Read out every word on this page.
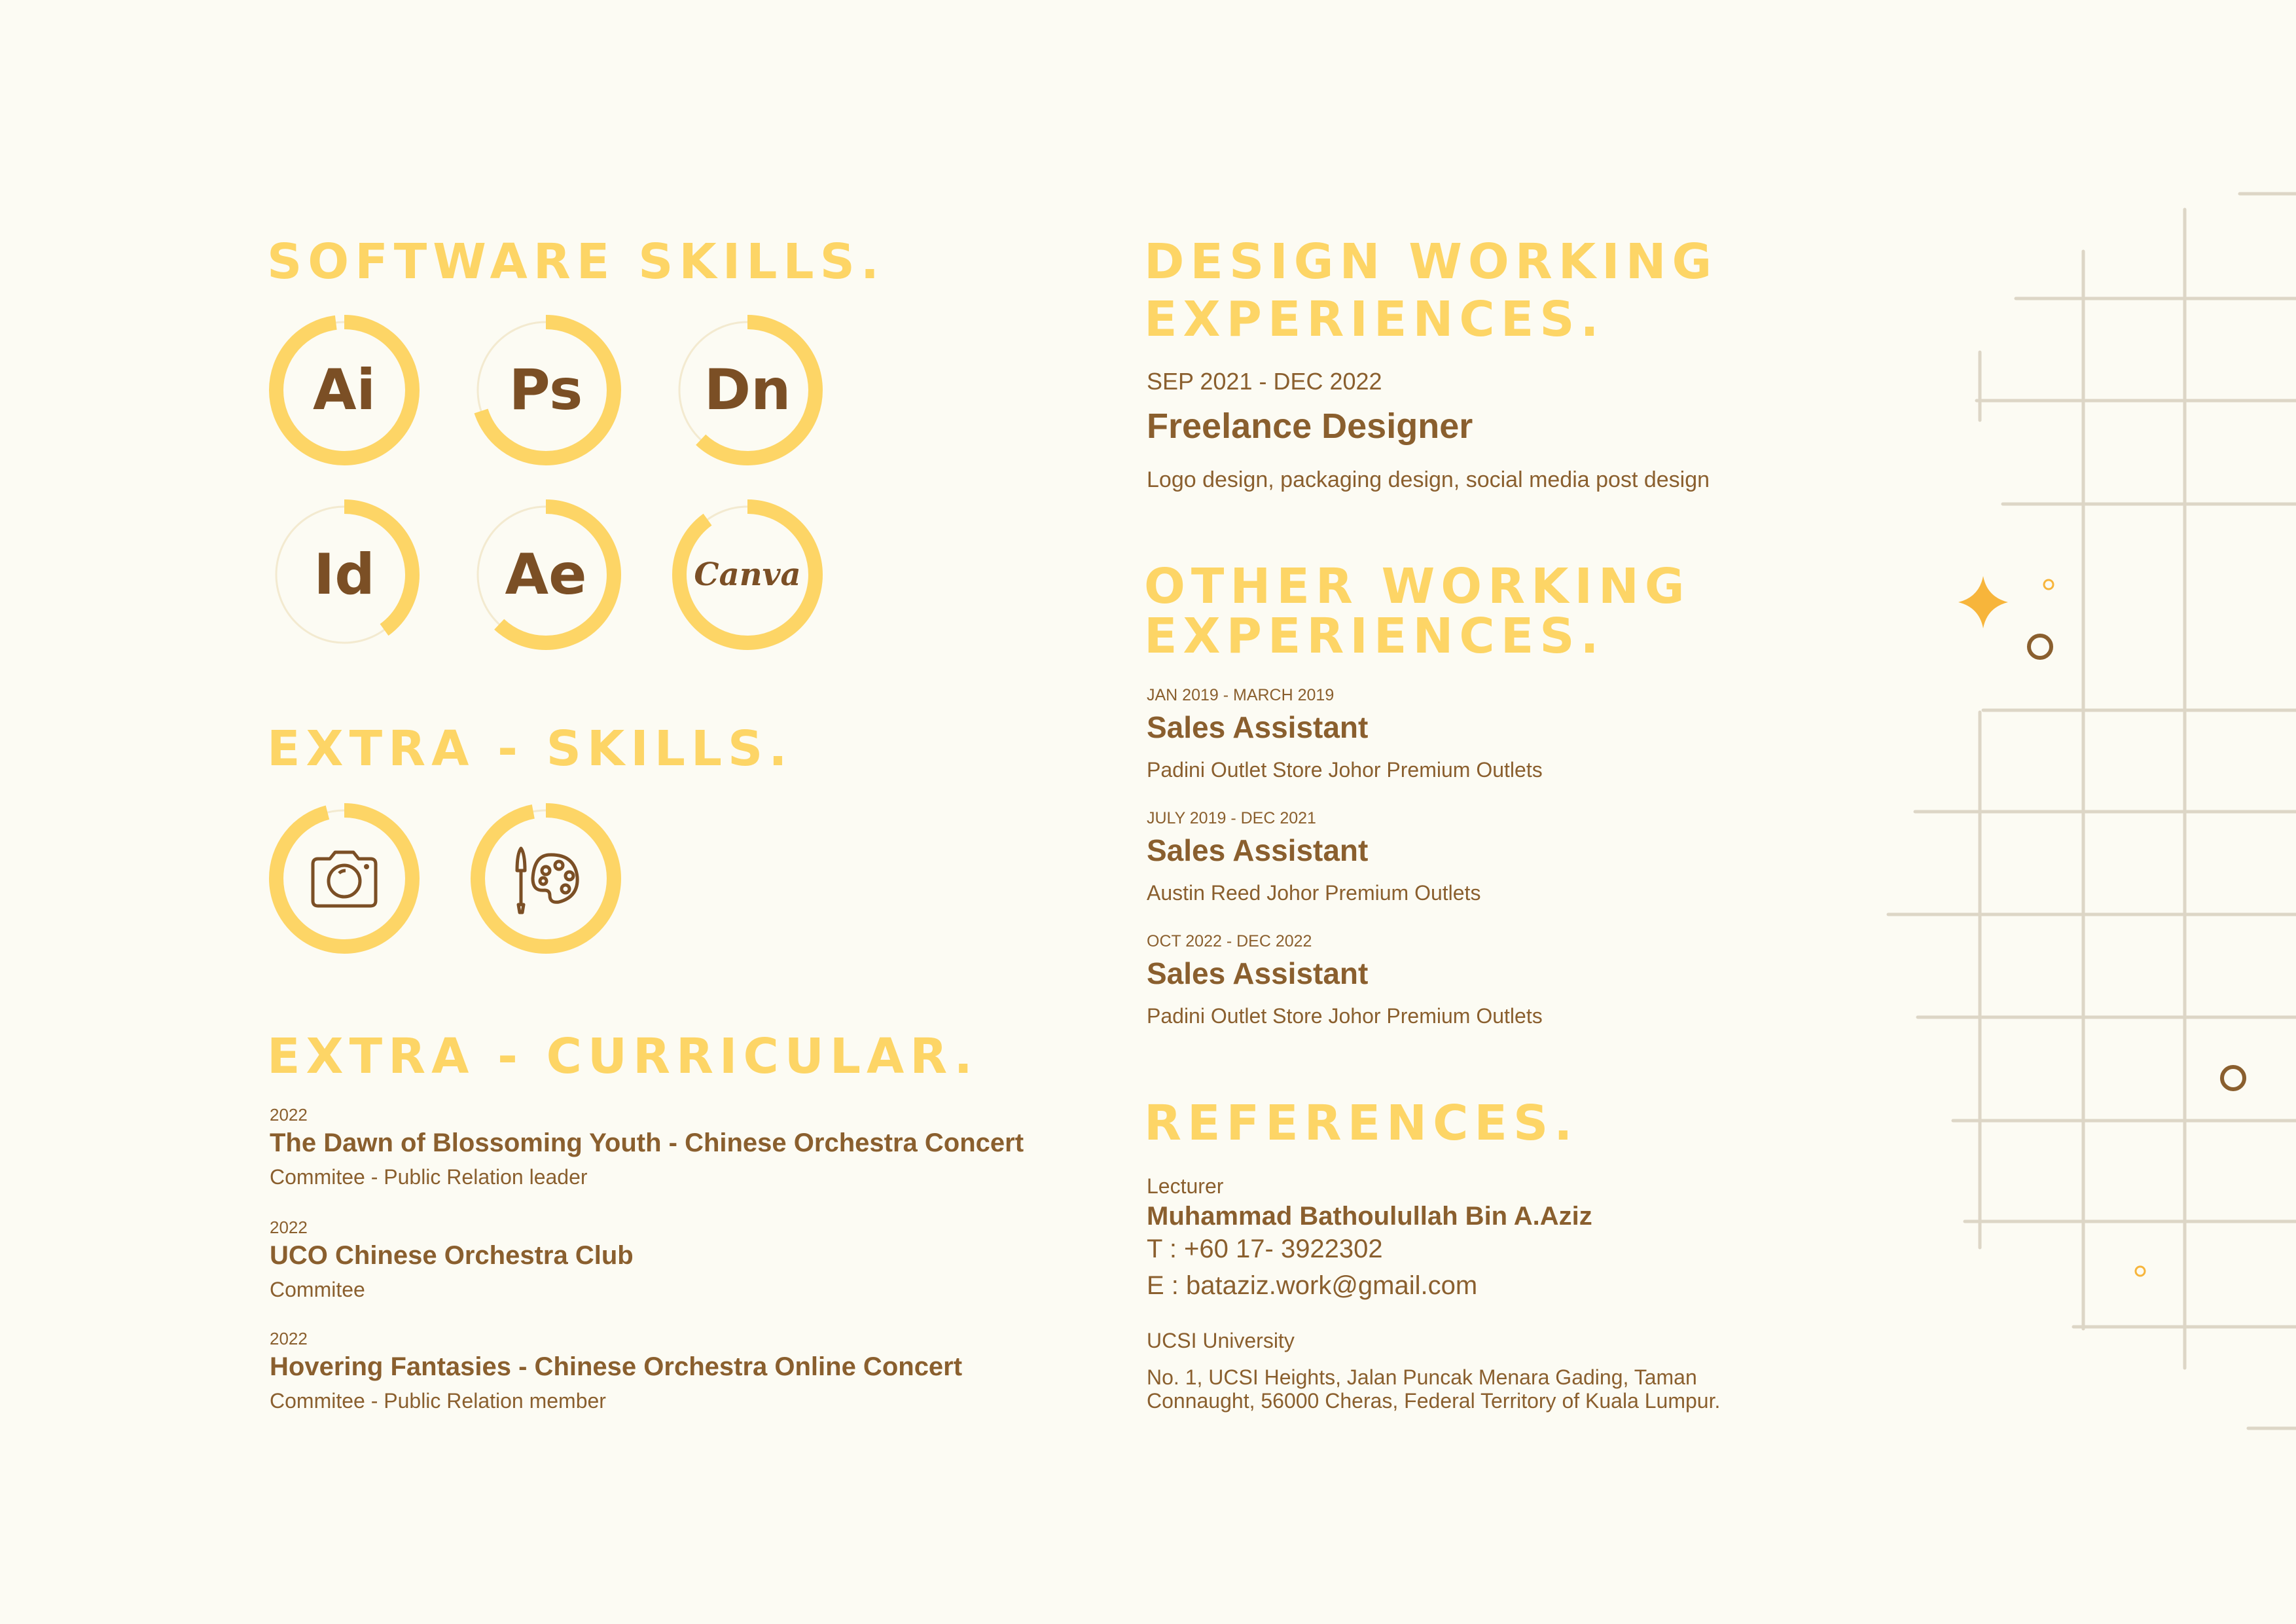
SOFTWARE SKILLS.
Ai	Ps	Dn
Id	Ae	Canva
EXTRA - SKILLS.
EXTRA - CURRICULAR.
2022
The Dawn of Blossoming Youth - Chinese Orchestra Concert
Commitee - Public Relation leader
2022
UCO Chinese Orchestra Club
Commitee
2022
Hovering Fantasies - Chinese Orchestra Online Concert
Commitee - Public Relation member
DESIGN WORKING
EXPERIENCES.
SEP 2021 - DEC 2022
Freelance Designer
Logo design, packaging design, social media post design
OTHER WORKING
EXPERIENCES.
JAN 2019 - MARCH 2019
Sales Assistant
Padini Outlet Store Johor Premium Outlets
JULY 2019 - DEC 2021
Sales Assistant
Austin Reed Johor Premium Outlets
OCT 2022 - DEC 2022
Sales Assistant
Padini Outlet Store Johor Premium Outlets
REFERENCES.
Lecturer
Muhammad Bathoulullah Bin A.Aziz
T : +60 17- 3922302
E : bataziz.work@gmail.com
UCSI University
No. 1, UCSI Heights, Jalan Puncak Menara Gading, Taman
Connaught, 56000 Cheras, Federal Territory of Kuala Lumpur.
